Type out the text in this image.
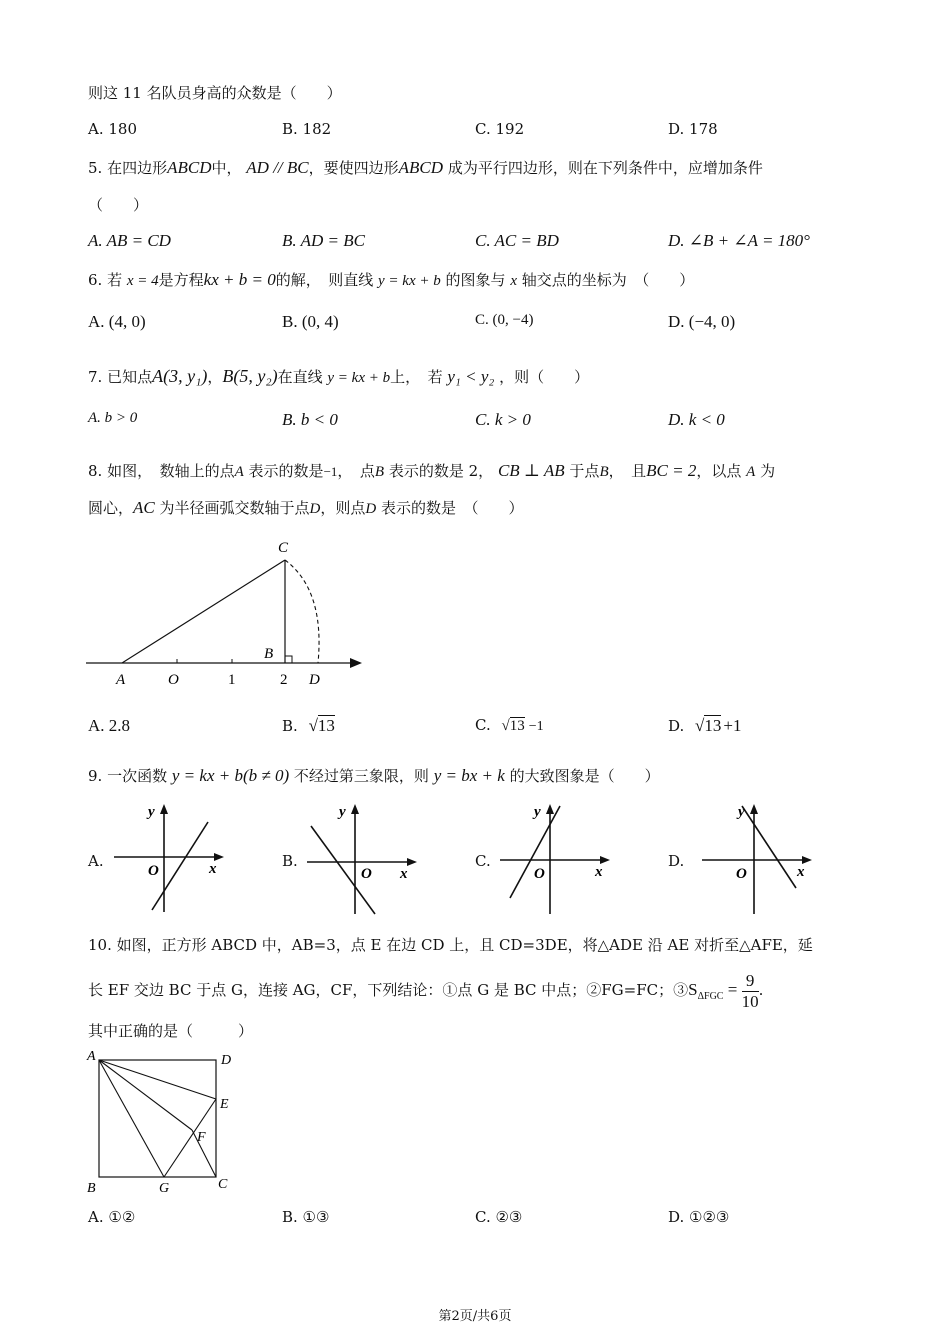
则这 11 名队员身高的众数是（　　）
A. 180	B. 182	C. 192	D. 178
5. 在四边形ABCD中， AD // BC，要使四边形ABCD 成为平行四边形，则在下列条件中，应增加条件
（　　）
A. AB = CD	B. AD = BC	C. AC = BD	D. ∠B + ∠A = 180°
6. 若 x = 4是方程kx + b = 0的解，　则直线 y = kx + b 的图象与 x 轴交点的坐标为　（　　）
A. (4, 0)	B. (0, 4)	C. (0, −4)	D. (−4, 0)
7. 已知点A(3, y₁)，B(5, y₂)在直线 y = kx + b上，　若 y₁ < y₂ ，则（　　）
A. b > 0	B. b < 0	C. k > 0	D. k < 0
8. 如图，　数轴上的点A 表示的数是−1，　点B 表示的数是 2， CB ⊥ AB 于点B，　且BC = 2，以点 A 为
圆心，AC 为半径画弧交数轴于点D，则点D 表示的数是　（　　）
C
B
A	O	1	2 D
A. 2.8	B. √13	C. √13 −1	D. √13 +1
9. 一次函数 y = kx + b(b ≠ 0) 不经过第三象限，则 y = bx + k 的大致图象是（　　）
A.	B.	C.	D.
y
x
O
y
x
O
y
x
O
y
x
O
10. 如图，正方形 ABCD 中，AB=3，点 E 在边 CD 上，且 CD=3DE，将△ADE 沿 AE 对折至△AFE，延
长 EF 交边 BC 于点 G，连接 AG，CF，下列结论：①点 G 是 BC 中点；②FG=FC；$③S_{\Delta FGC} = \frac{9}{10}$ .
其中正确的是（　　　）
A	D
E
F
B	G	C
A. ①②	B. ①③	C. ②③	D. ①②③
第2页/共6页
